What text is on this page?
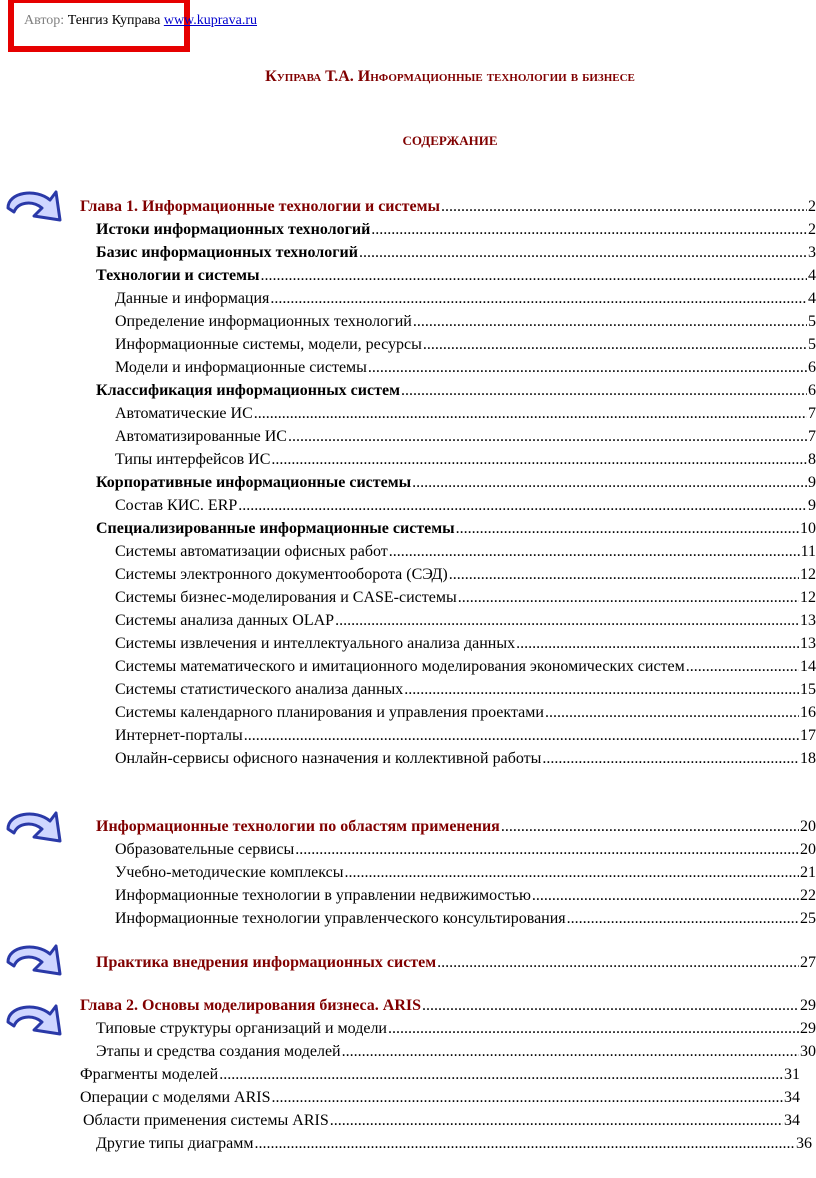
Автор: Тенгиз Куправа www.kuprava.ru
Куправа Т.А. Информационные технологии в бизнесе
СОДЕРЖАНИЕ
Глава 1. Информационные технологии и системы .....	2
Истоки информационных технологий .....	2
Базис информационных технологий .....	3
Технологии и системы .....	4
Данные и информация .....	4
Определение информационных технологий .....	5
Информационные системы, модели, ресурсы .....	5
Модели и информационные системы .....	6
Классификация информационных систем .....	6
Автоматические ИС .....	7
Автоматизированные ИС .....	7
Типы интерфейсов ИС .....	8
Корпоративные информационные системы .....	9
Состав КИС. ERP .....	9
Специализированные информационные системы .....	10
Системы автоматизации офисных работ .....	11
Системы электронного документооборота (СЭД) .....	12
Системы бизнес-моделирования и CASE-системы .....	12
Системы анализа данных OLAP .....	13
Системы извлечения и интеллектуального анализа данных .....	13
Системы математического и имитационного моделирования экономических систем .....	14
Системы статистического анализа данных .....	15
Системы календарного планирования и управления проектами .....	16
Интернет-порталы .....	17
Онлайн-сервисы офисного назначения и коллективной работы .....	18
Информационные технологии по областям применения .....	20
Образовательные сервисы .....	20
Учебно-методические комплексы .....	21
Информационные технологии в управлении недвижимостью .....	22
Информационные технологии управленческого консультирования .....	25
Практика внедрения информационных систем .....	27
Глава 2. Основы моделирования бизнеса. ARIS .....	29
Типовые структуры организаций и модели .....	29
Этапы и средства создания моделей .....	30
Фрагменты моделей .....	31
Операции с моделями ARIS .....	34
Области применения системы ARIS .....	34
Другие типы диаграмм .....	36
